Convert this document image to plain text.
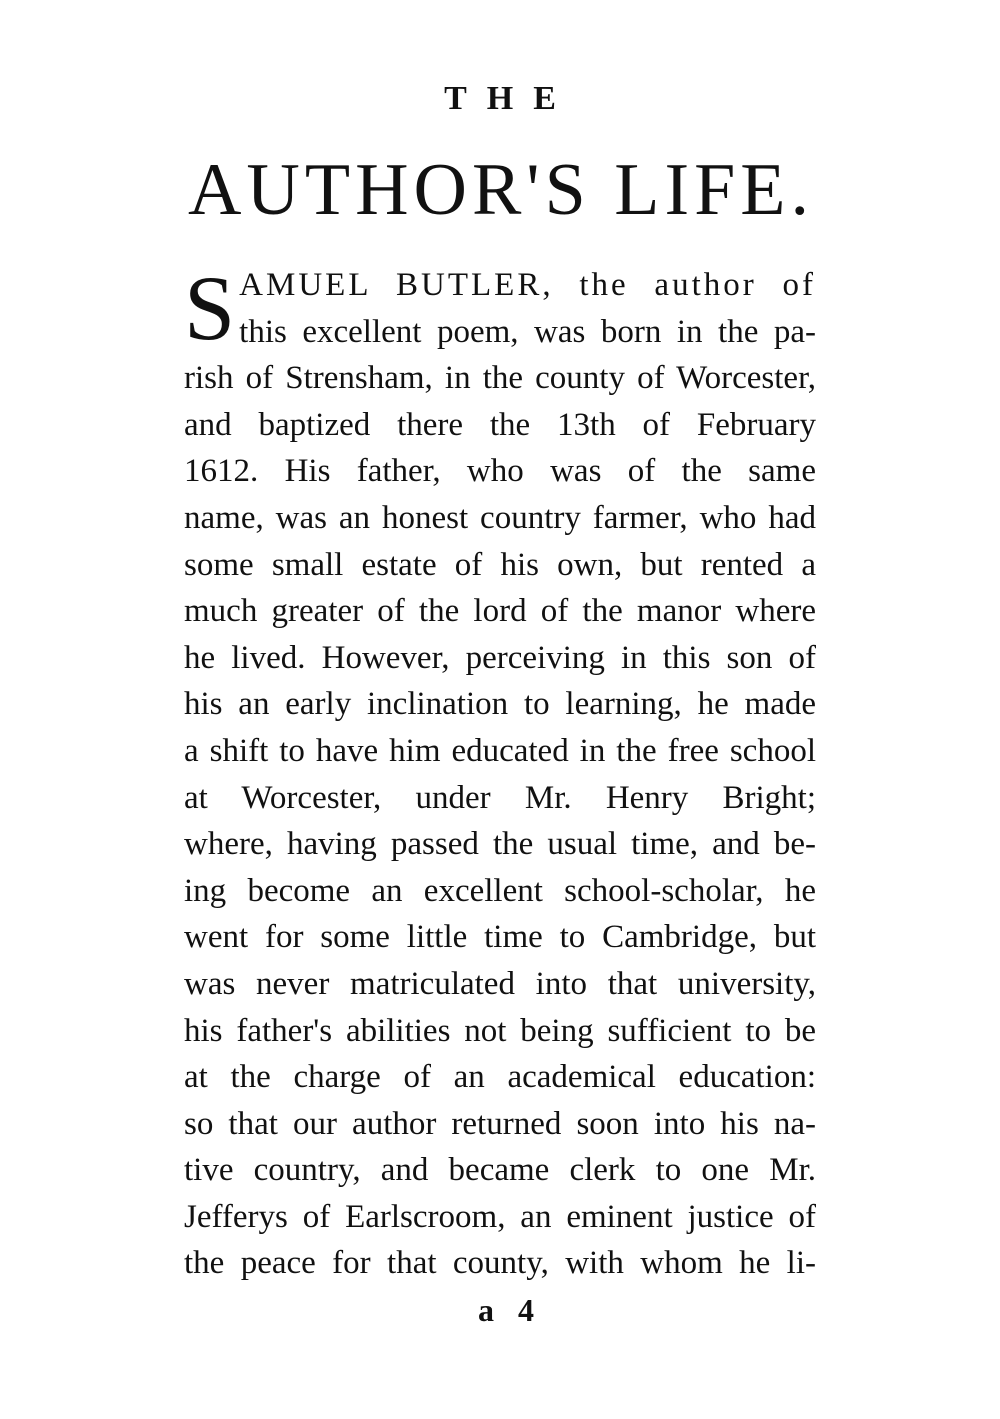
THE
AUTHOR'S LIFE.
S AMUEL BUTLER, the author of
this excellent poem, was born in the pa-
rish of Strensham, in the county of Worcester,
and baptized there the 13th of February
1612. His father, who was of the same
name, was an honest country farmer, who had
some small estate of his own, but rented a
much greater of the lord of the manor where
he lived. However, perceiving in this son of
his an early inclination to learning, he made
a shift to have him educated in the free school
at Worcester, under Mr. Henry Bright;
where, having passed the usual time, and be-
ing become an excellent school-scholar, he
went for some little time to Cambridge, but
was never matriculated into that university,
his father's abilities not being sufficient to be
at the charge of an academical education:
so that our author returned soon into his na-
tive country, and became clerk to one Mr.
Jefferys of Earlscroom, an eminent justice of
the peace for that county, with whom he li-
a 4
